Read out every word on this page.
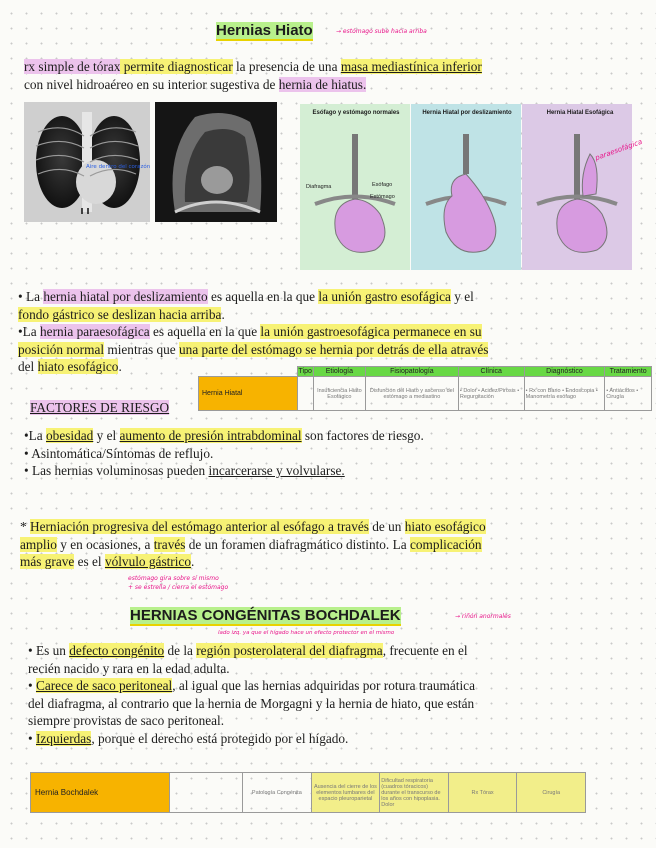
Hernias Hiato	→ estómago sube hacia arriba
rx simple de tórax permite diagnosticar la presencia de una masa mediastínica inferior
con nivel hidroaéreo en su interior sugestiva de hernia de hiatus.
Aire dentro del corazón
Diafragma	Esófago
Estómago
Esófago y estómago normales	Hernia Hiatal por deslizamiento	Hernia Hiatal Esofágica
paraesofágica
• La hernia hiatal por deslizamiento es aquella en la que la unión gastro esofágica y el
fondo gástrico se deslizan hacia arriba.
•La hernia paraesofágica es aquella en la que la unión gastroesofágica permanece en su
posición normal mientras que una parte del estómago se hernia por detrás de ella através
del hiato esofágico.
		Tipo	Etiología	Fisiopatología	Clínica	Diagnóstico	Tratamiento
Hernia Hiatal		Insuficiencia Hiato Esofágico	Disfunción del Hiato y ascenso del estómago a mediastino	• Dolor • Acidez/Pirosis • Regurgitación	• Rx con Bario • Endoscopia • Manometría esófago	• Antiácidos • Cirugía
FACTORES DE RIESGO
•La obesidad y el aumento de presión intrabdominal son factores de riesgo.
• Asintomática/Síntomas de reflujo.
• Las hernias voluminosas pueden incarcerarse y volvularse.
* Herniación progresiva del estómago anterior al esófago a través de un hiato esofágico
amplio y en ocasiones, a través de un foramen diafragmático distinto. La complicación
más grave es el vólvulo gástrico.
estómago gira sobre sí mismo
+ se estrella / cierra el estómago
HERNIAS CONGÉNITAS BOCHDALEK	→ riñón anormales
lado izq. ya que el hígado hace un efecto protector en el mismo
• Es un defecto congénito de la región posterolateral del diafragma, frecuente en el
recién nacido y rara en la edad adulta.
• Carece de saco peritoneal, al igual que las hernias adquiridas por rotura traumática
del diafragma, al contrario que la hernia de Morgagni y la hernia de hiato, que están
siempre provistas de saco peritoneal.
• Izquierdas, porque el derecho está protegido por el hígado.
Hernia Bochdalek		Patología Congénita	Ausencia del cierre de los elementos lumbares del espacio pleuroparietal	Dificultad respiratoria (cuadros tóracicos) durante el transcurso de los años con hipoplasia. Dolor	Rx Tórax	Cirugía
